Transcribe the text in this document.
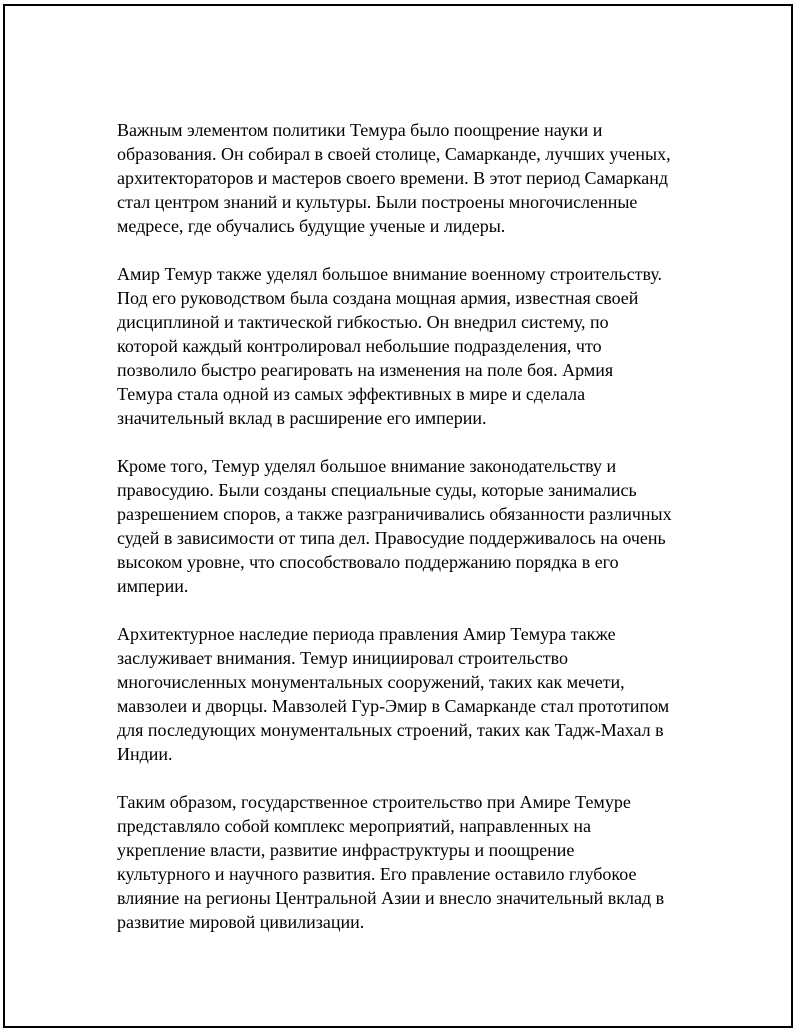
Важным элементом политики Темура было поощрение науки и
образования. Он собирал в своей столице, Самарканде, лучших ученых,
архитектораторов и мастеров своего времени. В этот период Самарканд
стал центром знаний и культуры. Были построены многочисленные
медресе, где обучались будущие ученые и лидеры.

Амир Темур также уделял большое внимание военному строительству.
Под его руководством была создана мощная армия, известная своей
дисциплиной и тактической гибкостью. Он внедрил систему, по
которой каждый контролировал небольшие подразделения, что
позволило быстро реагировать на изменения на поле боя. Армия
Темура стала одной из самых эффективных в мире и сделала
значительный вклад в расширение его империи.

Кроме того, Темур уделял большое внимание законодательству и
правосудию. Были созданы специальные суды, которые занимались
разрешением споров, а также разграничивались обязанности различных
судей в зависимости от типа дел. Правосудие поддерживалось на очень
высоком уровне, что способствовало поддержанию порядка в его
империи.

Архитектурное наследие периода правления Амир Темура также
заслуживает внимания. Темур инициировал строительство
многочисленных монументальных сооружений, таких как мечети,
мавзолеи и дворцы. Мавзолей Гур-Эмир в Самарканде стал прототипом
для последующих монументальных строений, таких как Тадж-Махал в
Индии.

Таким образом, государственное строительство при Амире Темуре
представляло собой комплекс мероприятий, направленных на
укрепление власти, развитие инфраструктуры и поощрение
культурного и научного развития. Его правление оставило глубокое
влияние на регионы Центральной Азии и внесло значительный вклад в
развитие мировой цивилизации.
